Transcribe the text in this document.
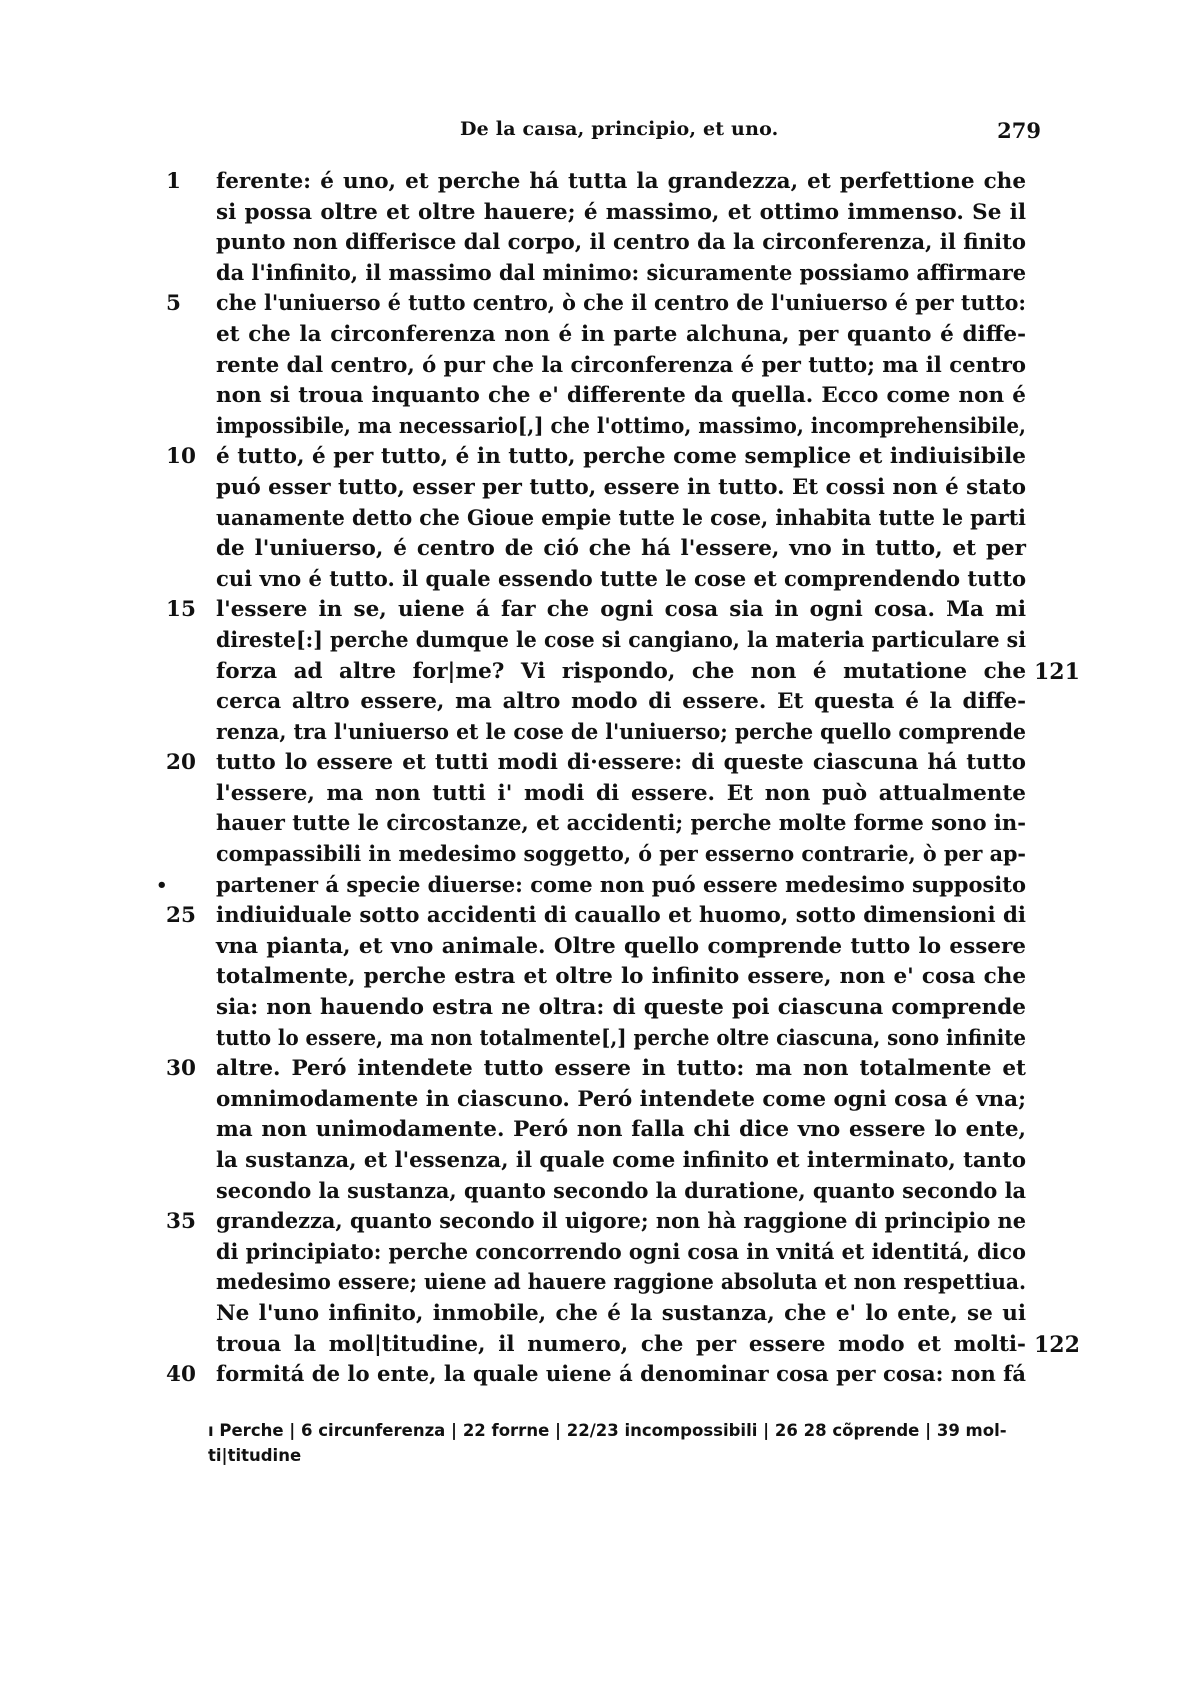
De la caısa, principio, et uno.	279
1	ferente: é uno, et perche há tutta la grandezza, et perfettione che
si possa oltre et oltre hauere; é massimo, et ottimo immenso. Se il
punto non differisce dal corpo, il centro da la circonferenza, il finito
da l'infinito, il massimo dal minimo: sicuramente possiamo affirmare
5	che l'uniuerso é tutto centro, ò che il centro de l'uniuerso é per tutto:
et che la circonferenza non é in parte alchuna, per quanto é diffe-
rente dal centro, ó pur che la circonferenza é per tutto; ma il centro
non si troua inquanto che e' differente da quella. Ecco come non é
impossibile, ma necessario[,] che l'ottimo, massimo, incomprehensibile,
10 é tutto, é per tutto, é in tutto, perche come semplice et indiuisibile
puó esser tutto, esser per tutto, essere in tutto. Et cossi non é stato
uanamente detto che Gioue empie tutte le cose, inhabita tutte le parti
de l'uniuerso, é centro de ció che há l'essere, vno in tutto, et per
cui vno é tutto. il quale essendo tutte le cose et comprendendo tutto
15 l'essere in se, uiene á far che ogni cosa sia in ogni cosa. Ma mi
direste[:] perche dumque le cose si cangiano, la materia particulare si
forza ad altre for|me? Vi rispondo, che non é mutatione che 121
cerca altro essere, ma altro modo di essere. Et questa é la diffe-
renza, tra l'uniuerso et le cose de l'uniuerso; perche quello comprende
20 tutto lo essere et tutti modi di·essere: di queste ciascuna há tutto
l'essere, ma non tutti i' modi di essere. Et non può attualmente
hauer tutte le circostanze, et accidenti; perche molte forme sono in-
compassibili in medesimo soggetto, ó per esserno contrarie, ò per ap-
• partener á specie diuerse: come non puó essere medesimo supposito
25 indiuiduale sotto accidenti di cauallo et huomo, sotto dimensioni di
vna pianta, et vno animale. Oltre quello comprende tutto lo essere
totalmente, perche estra et oltre lo infinito essere, non e' cosa che
sia: non hauendo estra ne oltra: di queste poi ciascuna comprende
tutto lo essere, ma non totalmente[,] perche oltre ciascuna, sono infinite
30 altre. Peró intendete tutto essere in tutto: ma non totalmente et
omnimodamente in ciascuno. Peró intendete come ogni cosa é vna;
ma non unimodamente. Peró non falla chi dice vno essere lo ente,
la sustanza, et l'essenza, il quale come infinito et interminato, tanto
secondo la sustanza, quanto secondo la duratione, quanto secondo la
35 grandezza, quanto secondo il uigore; non hà raggione di principio ne
di principiato: perche concorrendo ogni cosa in vnitá et identitá, dico
medesimo essere; uiene ad hauere raggione absoluta et non respettiua.
Ne l'uno infinito, inmobile, che é la sustanza, che e' lo ente, se ui
troua la mol|titudine, il numero, che per essere modo et molti- 122
40 formitá de lo ente, la quale uiene á denominar cosa per cosa: non fá
ı Perche | 6 circunferenza | 22 forrne | 22/23 incompossibili | 26 28 cõprende | 39 mol-
ti|titudine
